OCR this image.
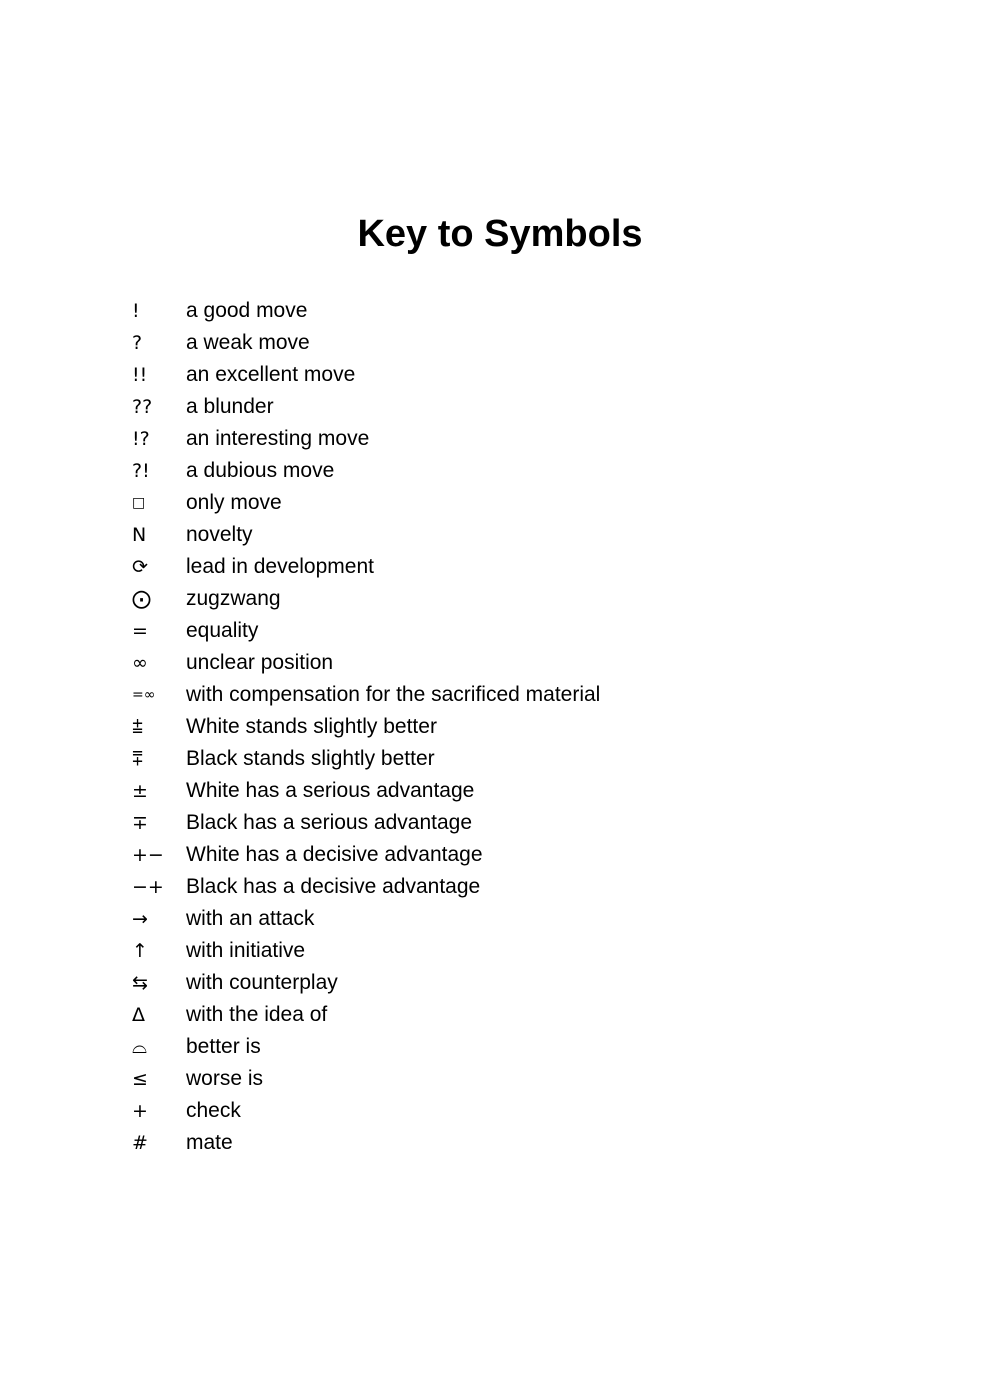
Key to Symbols
!	a good move
?	a weak move
!!	an excellent move
??	a blunder
!?	an interesting move
?!	a dubious move
□	only move
N	novelty
⟳	lead in development
⨀	zugzwang
=	equality
∞	unclear position
=∞	with compensation for the sacrificed material
⩲	White stands slightly better
⩱	Black stands slightly better
±	White has a serious advantage
∓	Black has a serious advantage
+−	White has a decisive advantage
−+	Black has a decisive advantage
→	with an attack
↑	with initiative
⇆	with counterplay
Δ	with the idea of
⌓	better is
≤	worse is
+	check
#	mate
